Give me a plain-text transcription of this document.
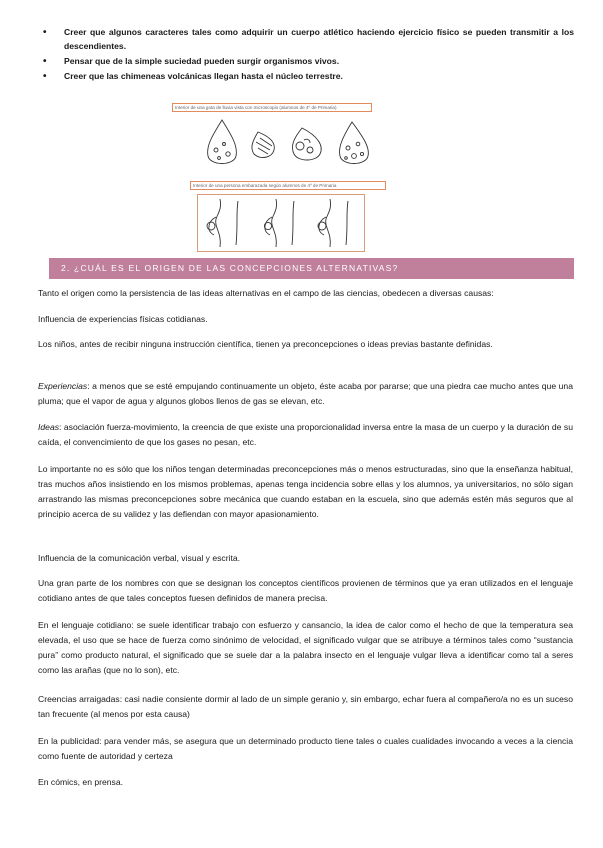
• Creer que algunos caracteres tales como adquirir un cuerpo atlético haciendo ejercicio físico se pueden transmitir a los descendientes.
• Pensar que de la simple suciedad pueden surgir organismos vivos.
• Creer que las chimeneas volcánicas llegan hasta el núcleo terrestre.
Interior de una gota de lluvia vista con microscopio (alumnos de 4º de Primaria)
Interior de una persona embarazada según alumnos de 4º de Primaria
2. ¿CUÁL ES EL ORIGEN DE LAS CONCEPCIONES ALTERNATIVAS?

Tanto el origen como la persistencia de las ideas alternativas en el campo de las ciencias, obedecen a diversas causas:

Influencia de experiencias físicas cotidianas.

Los niños, antes de recibir ninguna instrucción científica, tienen ya preconcepciones o ideas previas bastante definidas.

Experiencias: a menos que se esté empujando continuamente un objeto, éste acaba por pararse; que una piedra cae mucho antes que una pluma; que el vapor de agua y algunos globos llenos de gas se elevan, etc.

Ideas: asociación fuerza-movimiento, la creencia de que existe una proporcionalidad inversa entre la masa de un cuerpo y la duración de su caída, el convencimiento de que los gases no pesan, etc.

Lo importante no es sólo que los niños tengan determinadas preconcepciones más o menos estructuradas, sino que la enseñanza habitual, tras muchos años insistiendo en los mismos problemas, apenas tenga incidencia sobre ellas y los alumnos, ya universitarios, no sólo sigan arrastrando las mismas preconcepciones sobre mecánica que cuando estaban en la escuela, sino que además estén más seguros que al principio acerca de su validez y las defiendan con mayor apasionamiento.

Influencia de la comunicación verbal, visual y escrita.

Una gran parte de los nombres con que se designan los conceptos científicos provienen de términos que ya eran utilizados en el lenguaje cotidiano antes de que tales conceptos fuesen definidos de manera precisa.

En el lenguaje cotidiano: se suele identificar trabajo con esfuerzo y cansancio, la idea de calor como el hecho de que la temperatura sea elevada, el uso que se hace de fuerza como sinónimo de velocidad, el significado vulgar que se atribuye a términos tales como “sustancia pura” como producto natural, el significado que se suele dar a la palabra insecto en el lenguaje vulgar lleva a identificar como tal a seres como las arañas (que no lo son), etc.

Creencias arraigadas: casi nadie consiente dormir al lado de un simple geranio y, sin embargo, echar fuera al compañero/a no es un suceso tan frecuente (al menos por esta causa)

En la publicidad: para vender más, se asegura que un determinado producto tiene tales o cuales cualidades invocando a veces a la ciencia como fuente de autoridad y certeza

En cómics, en prensa.
